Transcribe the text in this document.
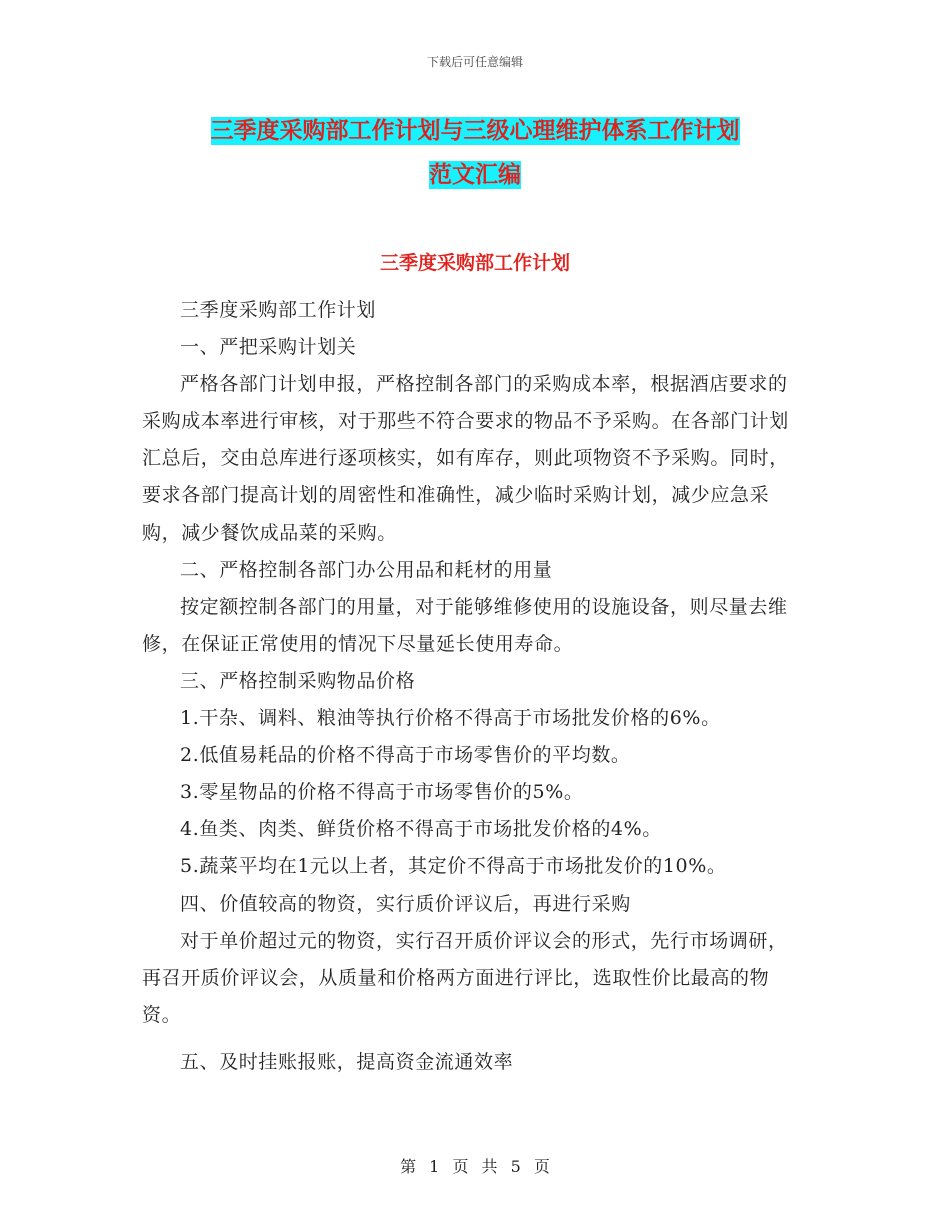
下载后可任意编辑
三季度采购部工作计划与三级心理维护体系工作计划
范文汇编
三季度采购部工作计划

三季度采购部工作计划

一、严把采购计划关

严格各部门计划申报，严格控制各部门的采购成本率，根据酒店要求的采购成本率进行审核，对于那些不符合要求的物品不予采购。在各部门计划汇总后，交由总库进行逐项核实，如有库存，则此项物资不予采购。同时，要求各部门提高计划的周密性和准确性，减少临时采购计划，减少应急采购，减少餐饮成品菜的采购。

二、严格控制各部门办公用品和耗材的用量

按定额控制各部门的用量，对于能够维修使用的设施设备，则尽量去维修，在保证正常使用的情况下尽量延长使用寿命。

三、严格控制采购物品价格

1.干杂、调料、粮油等执行价格不得高于市场批发价格的6%。

2.低值易耗品的价格不得高于市场零售价的平均数。

3.零星物品的价格不得高于市场零售价的5%。

4.鱼类、肉类、鲜货价格不得高于市场批发价格的4%。

5.蔬菜平均在1元以上者，其定价不得高于市场批发价的10%。

四、价值较高的物资，实行质价评议后，再进行采购

对于单价超过元的物资，实行召开质价评议会的形式，先行市场调研，再召开质价评议会，从质量和价格两方面进行评比，选取性价比最高的物资。

五、及时挂账报账，提高资金流通效率

第 1 页 共 5 页
